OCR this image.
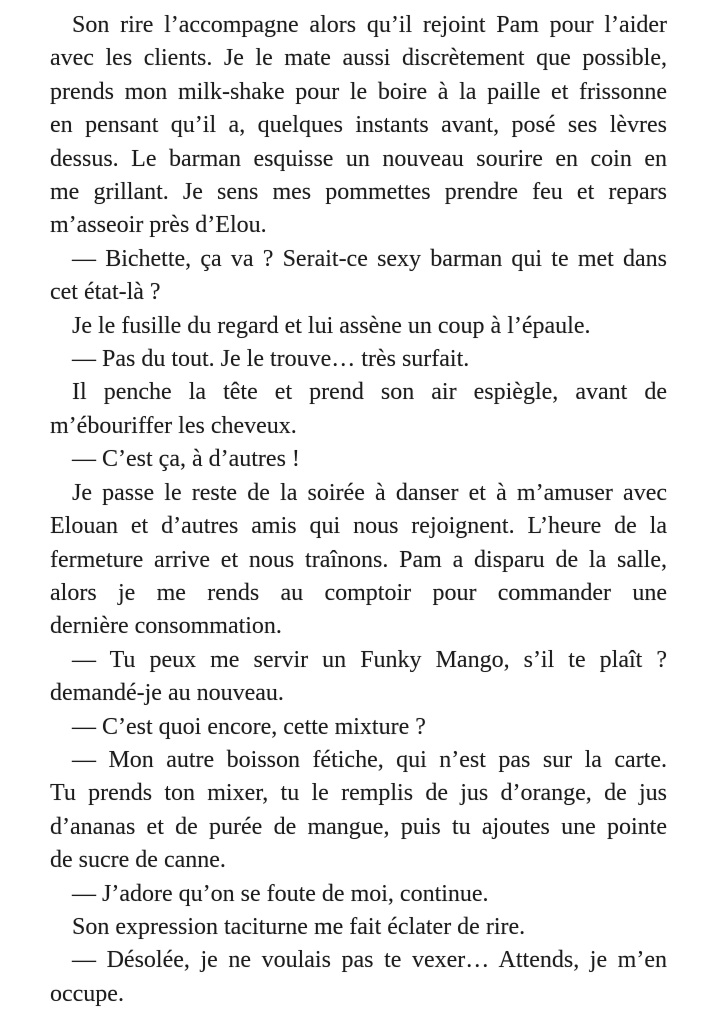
Son rire l’accompagne alors qu’il rejoint Pam pour l’aider
avec les clients. Je le mate aussi discrètement que possible,
prends mon milk-shake pour le boire à la paille et frissonne
en pensant qu’il a, quelques instants avant, posé ses lèvres
dessus. Le barman esquisse un nouveau sourire en coin en
me grillant. Je sens mes pommettes prendre feu et repars
m’asseoir près d’Elou.
— Bichette, ça va ? Serait-ce sexy barman qui te met dans
cet état-là ?
Je le fusille du regard et lui assène un coup à l’épaule.
— Pas du tout. Je le trouve… très surfait.
Il penche la tête et prend son air espiègle, avant de
m’ébouriffer les cheveux.
— C’est ça, à d’autres !
Je passe le reste de la soirée à danser et à m’amuser avec
Elouan et d’autres amis qui nous rejoignent. L’heure de la
fermeture arrive et nous traînons. Pam a disparu de la salle,
alors je me rends au comptoir pour commander une
dernière consommation.
— Tu peux me servir un Funky Mango, s’il te plaît ?
demandé-je au nouveau.
— C’est quoi encore, cette mixture ?
— Mon autre boisson fétiche, qui n’est pas sur la carte.
Tu prends ton mixer, tu le remplis de jus d’orange, de jus
d’ananas et de purée de mangue, puis tu ajoutes une pointe
de sucre de canne.
— J’adore qu’on se foute de moi, continue.
Son expression taciturne me fait éclater de rire.
— Désolée, je ne voulais pas te vexer… Attends, je m’en
occupe.
